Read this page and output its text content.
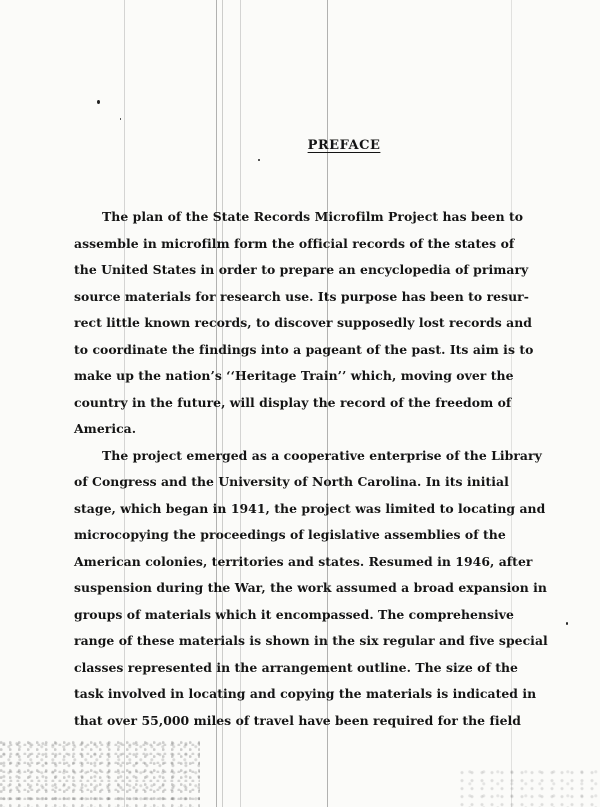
PREFACE
The plan of the State Records Microfilm Project has been to
assemble in microfilm form the official records of the states of
the United States in order to prepare an encyclopedia of primary
source materials for research use. Its purpose has been to resur-
rect little known records, to discover supposedly lost records and
to coordinate the findings into a pageant of the past. Its aim is to
make up the nation’s ‘‘Heritage Train’’ which, moving over the
country in the future, will display the record of the freedom of
America.
The project emerged as a cooperative enterprise of the Library
of Congress and the University of North Carolina. In its initial
stage, which began in 1941, the project was limited to locating and
microcopying the proceedings of legislative assemblies of the
American colonies, territories and states. Resumed in 1946, after
suspension during the War, the work assumed a broad expansion in
groups of materials which it encompassed. The comprehensive
range of these materials is shown in the six regular and five special
classes represented in the arrangement outline. The size of the
task involved in locating and copying the materials is indicated in
that over 55,000 miles of travel have been required for the field
